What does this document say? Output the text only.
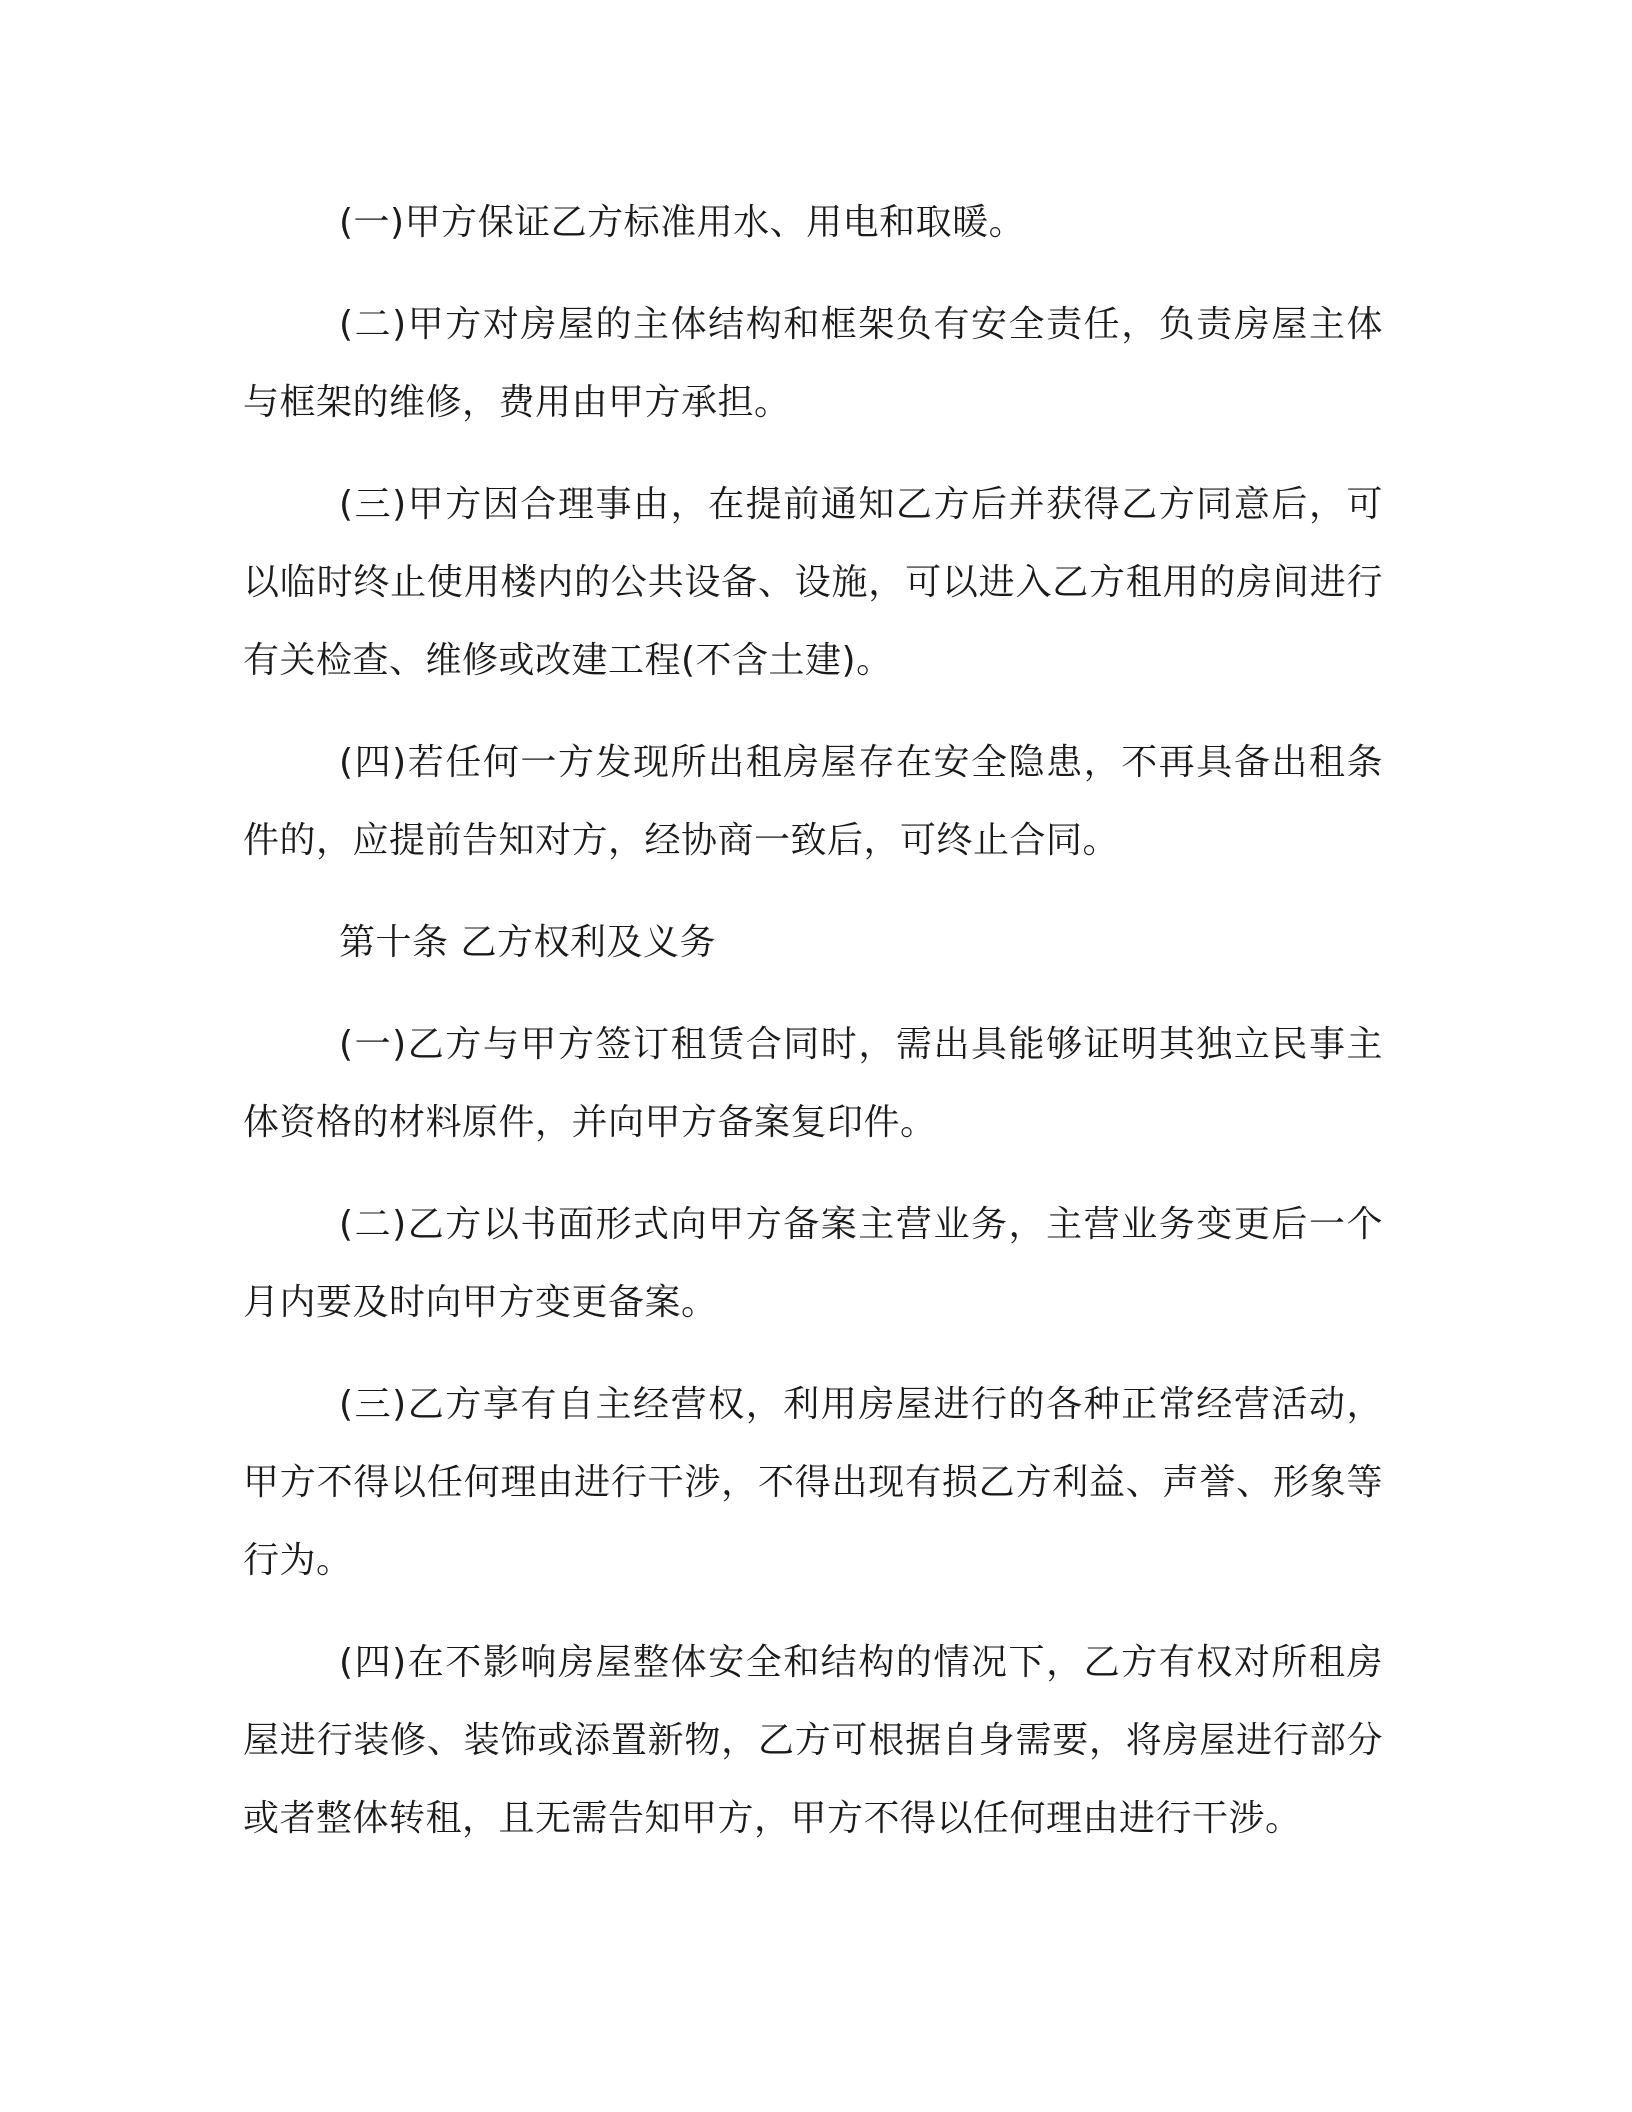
(一)甲方保证乙方标准用水、用电和取暖。

(二)甲方对房屋的主体结构和框架负有安全责任，负责房屋主体与框架的维修，费用由甲方承担。

(三)甲方因合理事由，在提前通知乙方后并获得乙方同意后，可以临时终止使用楼内的公共设备、设施，可以进入乙方租用的房间进行有关检查、维修或改建工程(不含土建)。

(四)若任何一方发现所出租房屋存在安全隐患，不再具备出租条件的，应提前告知对方，经协商一致后，可终止合同。

第十条 乙方权利及义务

(一)乙方与甲方签订租赁合同时，需出具能够证明其独立民事主体资格的材料原件，并向甲方备案复印件。

(二)乙方以书面形式向甲方备案主营业务，主营业务变更后一个月内要及时向甲方变更备案。

(三)乙方享有自主经营权，利用房屋进行的各种正常经营活动，甲方不得以任何理由进行干涉，不得出现有损乙方利益、声誉、形象等行为。

(四)在不影响房屋整体安全和结构的情况下，乙方有权对所租房屋进行装修、装饰或添置新物，乙方可根据自身需要，将房屋进行部分或者整体转租，且无需告知甲方，甲方不得以任何理由进行干涉。
